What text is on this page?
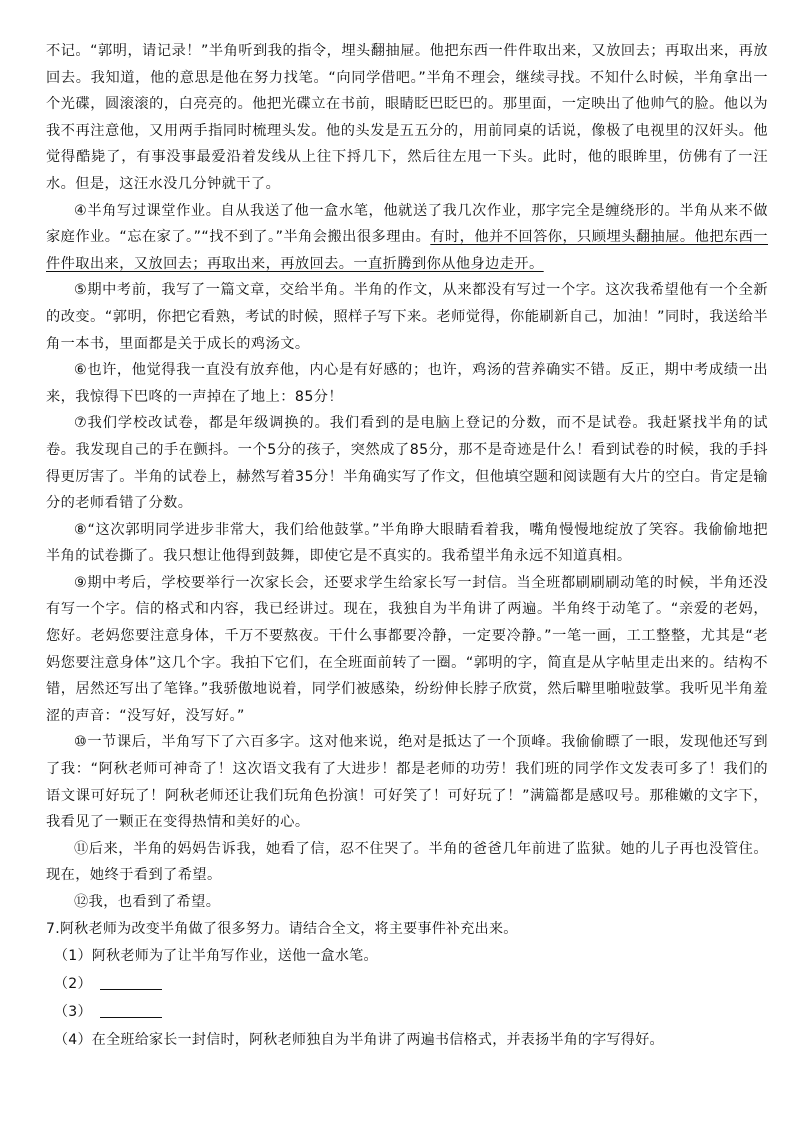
不记。“郭明，请记录！”半角听到我的指令，埋头翻抽屉。他把东西一件件取出来，又放回去；再取出来，再放回去。我知道，他的意思是他在努力找笔。“向同学借吧。”半角不理会，继续寻找。不知什么时候，半角拿出一个光碟，圆滚滚的，白亮亮的。他把光碟立在书前，眼睛眨巴眨巴的。那里面，一定映出了他帅气的脸。他以为我不再注意他，又用两手指同时梳理头发。他的头发是五五分的，用前同桌的话说，像极了电视里的汉奸头。他觉得酷毙了，有事没事最爱沿着发线从上往下捋几下，然后往左甩一下头。此时，他的眼眸里，仿佛有了一汪水。但是，这汪水没几分钟就干了。

④半角写过课堂作业。自从我送了他一盒水笔，他就送了我几次作业，那字完全是缠绕形的。半角从来不做家庭作业。“忘在家了。”“找不到了。”半角会搬出很多理由。有时，他并不回答你，只顾埋头翻抽屉。他把东西一件件取出来，又放回去；再取出来，再放回去。一直折腾到你从他身边走开。

⑤期中考前，我写了一篇文章，交给半角。半角的作文，从来都没有写过一个字。这次我希望他有一个全新的改变。“郭明，你把它看熟，考试的时候，照样子写下来。老师觉得，你能刷新自己，加油！”同时，我送给半角一本书，里面都是关于成长的鸡汤文。

⑥也许，他觉得我一直没有放弃他，内心是有好感的；也许，鸡汤的营养确实不错。反正，期中考成绩一出来，我惊得下巴咚的一声掉在了地上：85分！

⑦我们学校改试卷，都是年级调换的。我们看到的是电脑上登记的分数，而不是试卷。我赶紧找半角的试卷。我发现自己的手在颤抖。一个5分的孩子，突然成了85分，那不是奇迹是什么！看到试卷的时候，我的手抖得更厉害了。半角的试卷上，赫然写着35分！半角确实写了作文，但他填空题和阅读题有大片的空白。肯定是输分的老师看错了分数。

⑧“这次郭明同学进步非常大，我们给他鼓掌。”半角睁大眼睛看着我，嘴角慢慢地绽放了笑容。我偷偷地把半角的试卷撕了。我只想让他得到鼓舞，即使它是不真实的。我希望半角永远不知道真相。

⑨期中考后，学校要举行一次家长会，还要求学生给家长写一封信。当全班都刷刷刷动笔的时候，半角还没有写一个字。信的格式和内容，我已经讲过。现在，我独自为半角讲了两遍。半角终于动笔了。“亲爱的老妈，您好。老妈您要注意身体，千万不要熬夜。干什么事都要冷静，一定要冷静。”一笔一画，工工整整，尤其是“老妈您要注意身体”这几个字。我拍下它们，在全班面前转了一圈。“郭明的字，简直是从字帖里走出来的。结构不错，居然还写出了笔锋。”我骄傲地说着，同学们被感染，纷纷伸长脖子欣赏，然后噼里啪啦鼓掌。我听见半角羞涩的声音：“没写好，没写好。”

⑩一节课后，半角写下了六百多字。这对他来说，绝对是抵达了一个顶峰。我偷偷瞟了一眼，发现他还写到了我：“阿秋老师可神奇了！这次语文我有了大进步！都是老师的功劳！我们班的同学作文发表可多了！我们的语文课可好玩了！阿秋老师还让我们玩角色扮演！可好笑了！可好玩了！”满篇都是感叹号。那稚嫩的文字下，我看见了一颗正在变得热情和美好的心。

⑪后来，半角的妈妈告诉我，她看了信，忍不住哭了。半角的爸爸几年前进了监狱。她的儿子再也没管住。现在，她终于看到了希望。

⑫我，也看到了希望。

7.阿秋老师为改变半角做了很多努力。请结合全文，将主要事件补充出来。

（1）阿秋老师为了让半角写作业，送他一盒水笔。

（2）

（3）

（4）在全班给家长一封信时，阿秋老师独自为半角讲了两遍书信格式，并表扬半角的字写得好。
